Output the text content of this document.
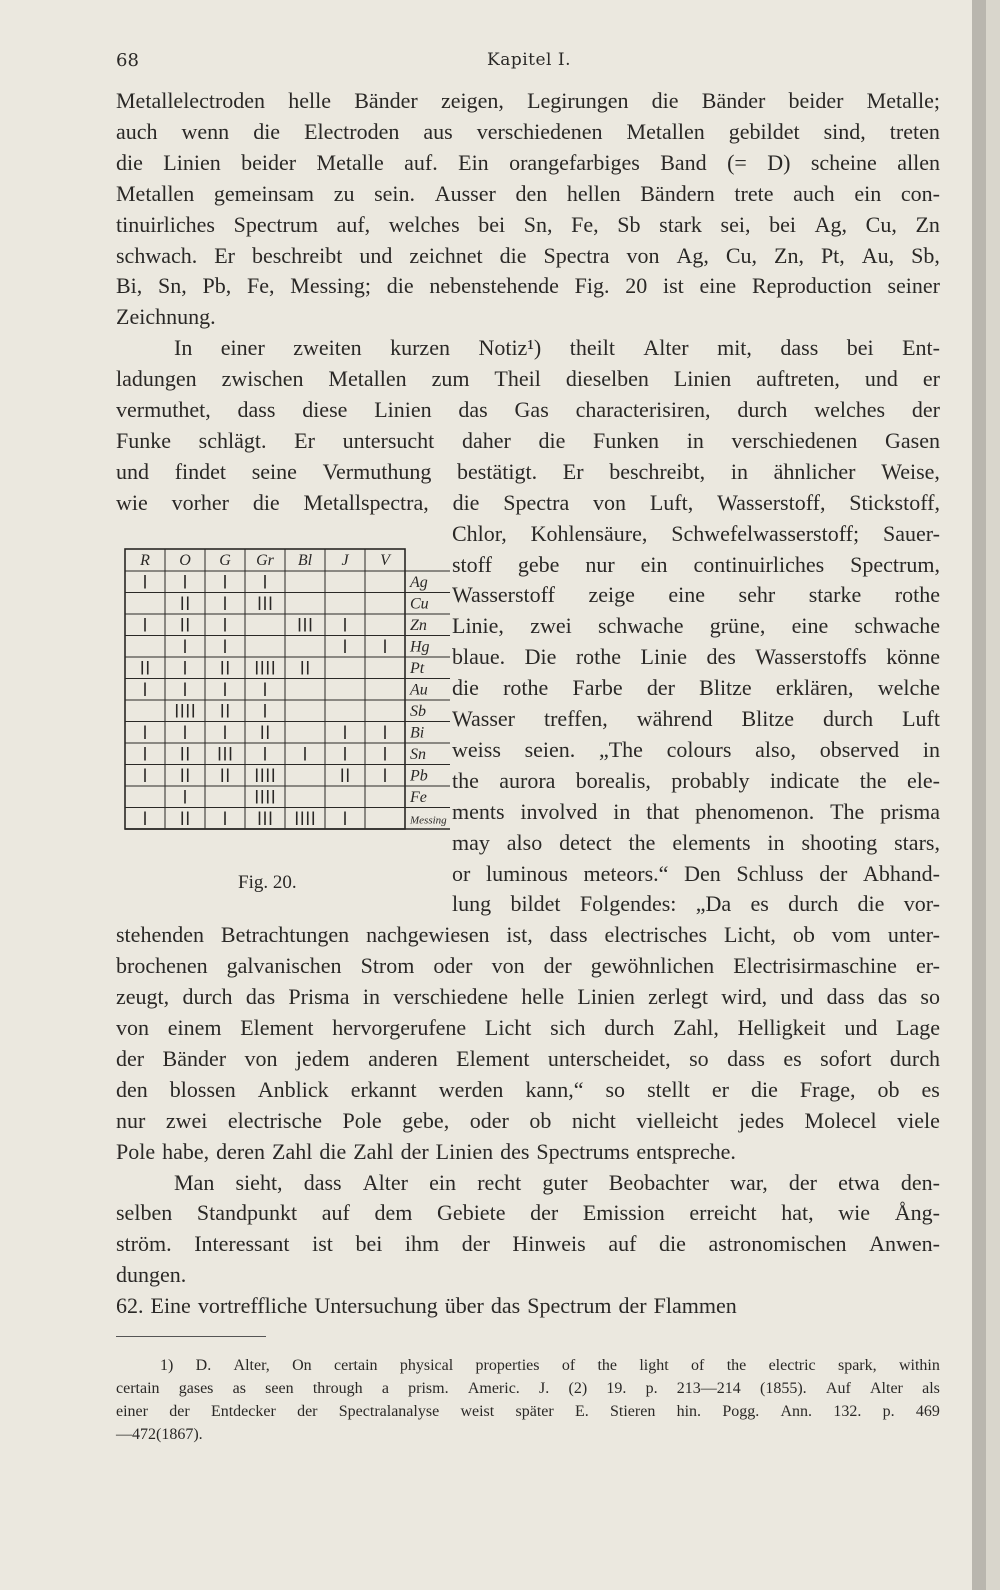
68	Kapitel I.
Metallelectroden helle Bänder zeigen, Legirungen die Bänder beider Metalle;
auch wenn die Electroden aus verschiedenen Metallen gebildet sind, treten
die Linien beider Metalle auf. Ein orangefarbiges Band (= D) scheine allen
Metallen gemeinsam zu sein. Ausser den hellen Bändern trete auch ein con-
tinuirliches Spectrum auf, welches bei Sn, Fe, Sb stark sei, bei Ag, Cu, Zn
schwach. Er beschreibt und zeichnet die Spectra von Ag, Cu, Zn, Pt, Au, Sb,
Bi, Sn, Pb, Fe, Messing; die nebenstehende Fig. 20 ist eine Reproduction seiner
Zeichnung.
In einer zweiten kurzen Notiz¹) theilt Alter mit, dass bei Ent-
ladungen zwischen Metallen zum Theil dieselben Linien auftreten, und er
vermuthet, dass diese Linien das Gas characterisiren, durch welches der
Funke schlägt. Er untersucht daher die Funken in verschiedenen Gasen
und findet seine Vermuthung bestätigt. Er beschreibt, in ähnlicher Weise,
wie vorher die Metallspectra, die Spectra von Luft, Wasserstoff, Stickstoff,
Chlor, Kohlensäure, Schwefelwasserstoff; Sauer-
stoff gebe nur ein continuirliches Spectrum,
Wasserstoff zeige eine sehr starke rothe
Linie, zwei schwache grüne, eine schwache
blaue. Die rothe Linie des Wasserstoffs könne
die rothe Farbe der Blitze erklären, welche
Wasser treffen, während Blitze durch Luft
weiss seien. „The colours also, observed in
the aurora borealis, probably indicate the ele-
ments involved in that phenomenon. The prisma
may also detect the elements in shooting stars,
or luminous meteors.“ Den Schluss der Abhand-
lung bildet Folgendes: „Da es durch die vor-
stehenden Betrachtungen nachgewiesen ist, dass electrisches Licht, ob vom unter-
brochenen galvanischen Strom oder von der gewöhnlichen Electrisirmaschine er-
zeugt, durch das Prisma in verschiedene helle Linien zerlegt wird, und dass das so
von einem Element hervorgerufene Licht sich durch Zahl, Helligkeit und Lage
der Bänder von jedem anderen Element unterscheidet, so dass es sofort durch
den blossen Anblick erkannt werden kann,“ so stellt er die Frage, ob es
nur zwei electrische Pole gebe, oder ob nicht vielleicht jedes Molecel viele
Pole habe, deren Zahl die Zahl der Linien des Spectrums entspreche.
Man sieht, dass Alter ein recht guter Beobachter war, der etwa den-
selben Standpunkt auf dem Gebiete der Emission erreicht hat, wie Ång-
ström. Interessant ist bei ihm der Hinweis auf die astronomischen Anwen-
dungen.
62. Eine vortreffliche Untersuchung über das Spectrum der Flammen
R O G Gr Bl J V
Ag
Cu
Zn
Hg
Pt
Au
Sb
Bi
Sn
Pb
Fe
Messing
Fig. 20.
1) D. Alter, On certain physical properties of the light of the electric spark, within
certain gases as seen through a prism. Americ. J. (2) 19. p. 213—214 (1855). Auf Alter als
einer der Entdecker der Spectralanalyse weist später E. Stieren hin. Pogg. Ann. 132. p. 469
—472 (1867).
